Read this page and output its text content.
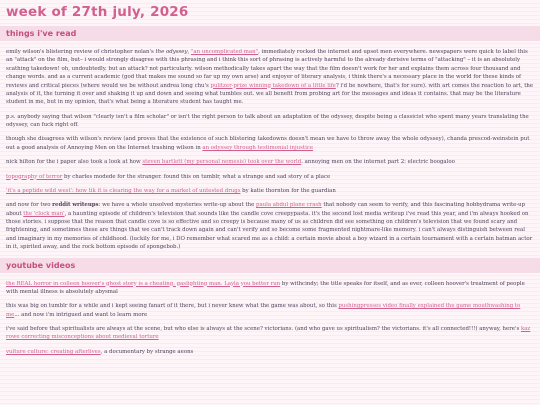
week of 27th july, 2026
things i've read

emily wilson's blistering review of christopher nolan's the odyssey, "an uncomplicated man", immediately rocked the internet and upset men everywhere. newspapers were quick to label this an "attack" on the film, but– i would strongly disagree with this phrasing and i think this sort of phrasing is actively harmful to the already derisive terms of "attacking" – it is an absolutely scathing takedown! oh, undoubtedly. but an attack? not particularly. wilson methodically takes apart the way that the film doesn't work for her and explains them across four thousand and change words. and as a current academic (god that makes me sound so far up my own arse) and enjoyer of literary analysis, i think there's a necessary place in the world for these kinds of reviews and critical pieces (where would we be without andrea long chu's pulitzer-prize winning takedown of a little life? i'd be nowhere, that's for sure). with art comes the reaction to art, the analysis of it, the turning it over and shaking it up and down and seeing what tumbles out. we all benefit from probing art for the messages and ideas it contains. that may be the literature student in me, but in my opinion, that's what being a literature student has taught me.

p.s. anybody saying that wilson "clearly isn't a film scholar" or isn't the right person to talk about an adaptation of the odyssey, despite being a classicist who spent many years translating the odyssey, can fuck right off.

though she disagrees with wilson's review (and proves that the existence of such blistering takedowns doesn't mean we have to throw away the whole odyssey), chanda prescod-weinstein put out a good analysis of Annoying Men on the Internet trashing wilson in an odyssey through testimonial injustice

nick hilton for the i paper also took a look at how steven bartlett (my personal nemesis) took over the world. annoying men on the internet part 2: electric boogaloo

topography of terror by charles modede for the stranger. found this on tumblr, what a strange and sad story of a place

'it's a peptide wild west': how tik it is clearing the way for a market of untested drugs by katie thornton for the guardian

and now for two reddit writeups: we have a whole unsolved mysteries write-up about the paula abdul plane crash that nobody can seem to verify, and this fascinating hobbydrama write-up about the 'clock man', a haunting episode of children's television that sounds like the candle cove creepypasta. it's the second lost media writeup i've read this year, and i'm always hooked on those stories. i suppose that the reason that candle cove is so effective and so creepy is because many of us as children did see something on children's television that we found scary and frightening, and sometimes these are things that we can't track down again and can't verify and so become some fragmented nightmare-like memory. i can't always distinguish between real and imaginary in my memories of childhood. (luckily for me, i DO remember what scared me as a child: a certain movie about a boy wizard in a certain tournament with a certain batman actor in it, spirited away, and the rock bottom episode of spongebob.)

youtube videos

the REAL horror in colleen hoover's ghost story is a cheating, gaslighting man. Layla you better run by withcindy; the title speaks for itself, and as ever, colleen hoover's treatment of people with mental illness is absolutely abysmal

this was big on tumblr for a while and i kept seeing fanart of it there, but i never knew what the game was about, so this pushingpresses video finally explained the game mouthwashing to me... and now i'm intrigued and want to learn more

i've said before that spiritualists are always at the scene, but who else is always at the scene? victorians. (and who gave us spiritualism? the victorians. it's all connected!!!) anyway, here's kaz rowe correcting misconceptions about medieval torture

vulture culture: creating afterlives, a documentary by strange aeons
